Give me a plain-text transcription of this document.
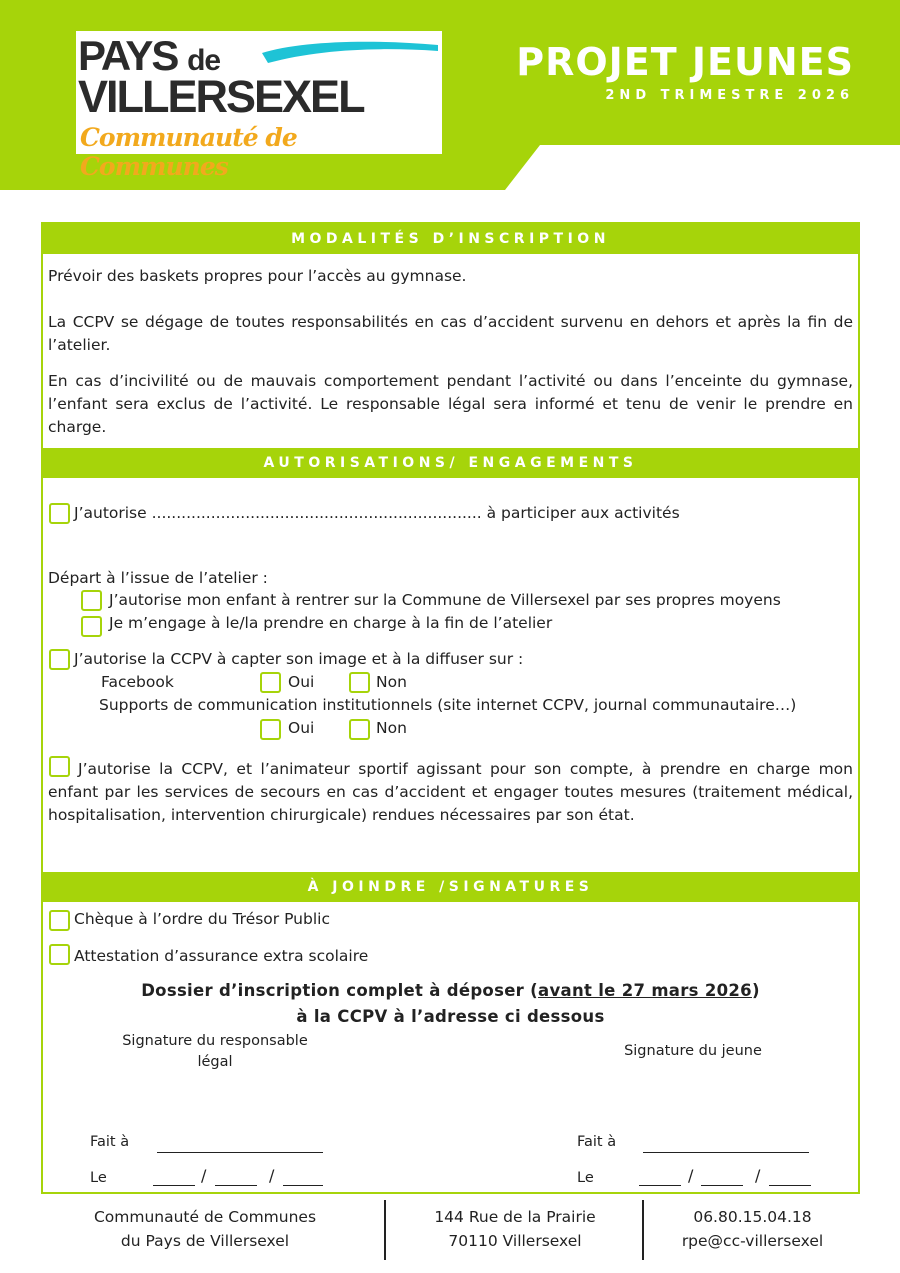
PAYS de
VILLERSEXEL
Communauté de Communes
PROJET JEUNES
2ND TRIMESTRE 2026
MODALITÉS D’INSCRIPTION
Prévoir des baskets propres pour l’accès au gymnase.
La CCPV se dégage de toutes responsabilités en cas d’accident survenu en dehors et après la fin de l’atelier.
En cas d’incivilité ou de mauvais comportement pendant l’activité ou dans l’enceinte du gymnase, l’enfant sera exclus de l’activité. Le responsable légal sera informé et tenu de venir le prendre en charge.
AUTORISATIONS/ ENGAGEMENTS
J’autorise ................................................................... à participer aux activités
Départ à l’issue de l’atelier :
J’autorise mon enfant à rentrer sur la Commune de Villersexel par ses propres moyens
Je m’engage à le/la prendre en charge à la fin de l’atelier
J’autorise la CCPV à capter son image et à la diffuser sur :
Facebook	Oui	Non
Supports de communication institutionnels (site internet CCPV, journal communautaire…)
Oui	Non
J’autorise la CCPV, et l’animateur sportif agissant pour son compte, à prendre en charge mon enfant par les services de secours en cas d’accident et engager toutes mesures (traitement médical, hospitalisation, intervention chirurgicale) rendues nécessaires par son état.
À JOINDRE /SIGNATURES
Chèque à l’ordre du Trésor Public
Attestation d’assurance extra scolaire
Dossier d’inscription complet à déposer (avant le 27 mars 2026)
à la CCPV à l’adresse ci dessous
Signature du responsable légal
Signature du jeune
Fait à
Le	/	/
Fait à
Le	/	/
Communauté de Communes
du Pays de Villersexel
144 Rue de la Prairie
70110 Villersexel
06.80.15.04.18
rpe@cc-villersexel
